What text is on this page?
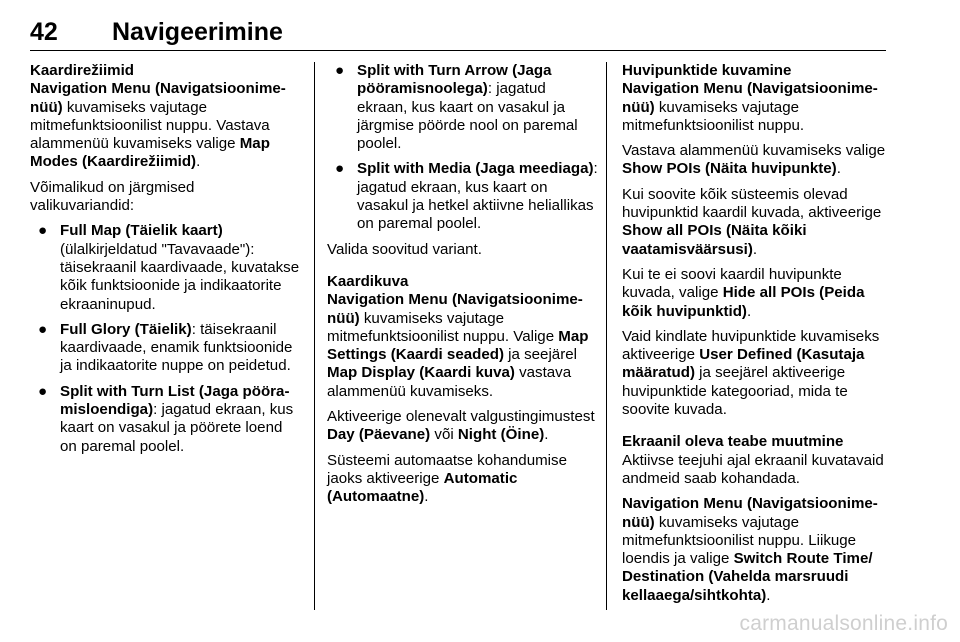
42 Navigeerimine
Kaardirežiimid

Navigation Menu (Navigatsioonime-nüü) kuvamiseks vajutage mitmefunktsioonilist nuppu. Vastava alammenüü kuvamiseks valige Map Modes (Kaardirežiimid).

Võimalikud on järgmised valikuvariandid:

● Full Map (Täielik kaart) (ülalkirjeldatud "Tavavaade"): täisekraanil kaardivaade, kuvatakse kõik funktsioonide ja indikaatorite ekraaninupud.
● Full Glory (Täielik): täisekraanil kaardivaade, enamik funktsioonide ja indikaatorite nuppe on peidetud.
● Split with Turn List (Jaga pööra-misloendiga): jagatud ekraan, kus kaart on vasakul ja pöörete loend on paremal poolel.
● Split with Turn Arrow (Jaga pööramisnoolega): jagatud ekraan, kus kaart on vasakul ja järgmise pöörde nool on paremal poolel.
● Split with Media (Jaga meediaga): jagatud ekraan, kus kaart on vasakul ja hetkel aktiivne heliallikas on paremal poolel.

Valida soovitud variant.

Kaardikuva

Navigation Menu (Navigatsioonime-nüü) kuvamiseks vajutage mitmefunktsioonilist nuppu. Valige Map Settings (Kaardi seaded) ja seejärel Map Display (Kaardi kuva) vastava alammenüü kuvamiseks.

Aktiveerige olenevalt valgustingimustest Day (Päevane) või Night (Öine).

Süsteemi automaatse kohandumise jaoks aktiveerige Automatic (Automaatne).

Huvipunktide kuvamine

Navigation Menu (Navigatsioonime-nüü) kuvamiseks vajutage mitmefunktsioonilist nuppu.

Vastava alammenüü kuvamiseks valige Show POIs (Näita huvipunkte).

Kui soovite kõik süsteemis olevad huvipunktid kaardil kuvada, aktiveerige Show all POIs (Näita kõiki vaatamisväärsusi).

Kui te ei soovi kaardil huvipunkte kuvada, valige Hide all POIs (Peida kõik huvipunktid).

Vaid kindlate huvipunktide kuvamiseks aktiveerige User Defined (Kasutaja määratud) ja seejärel aktiveerige huvipunktide kategooriad, mida te soovite kuvada.

Ekraanil oleva teabe muutmine

Aktiivse teejuhi ajal ekraanil kuvatavaid andmeid saab kohandada.

Navigation Menu (Navigatsioonime-nüü) kuvamiseks vajutage mitmefunktsioonilist nuppu. Liikuge loendis ja valige Switch Route Time/ Destination (Vahelda marsruudi kellaaega/sihtkohta).

carmanualsonline.info
